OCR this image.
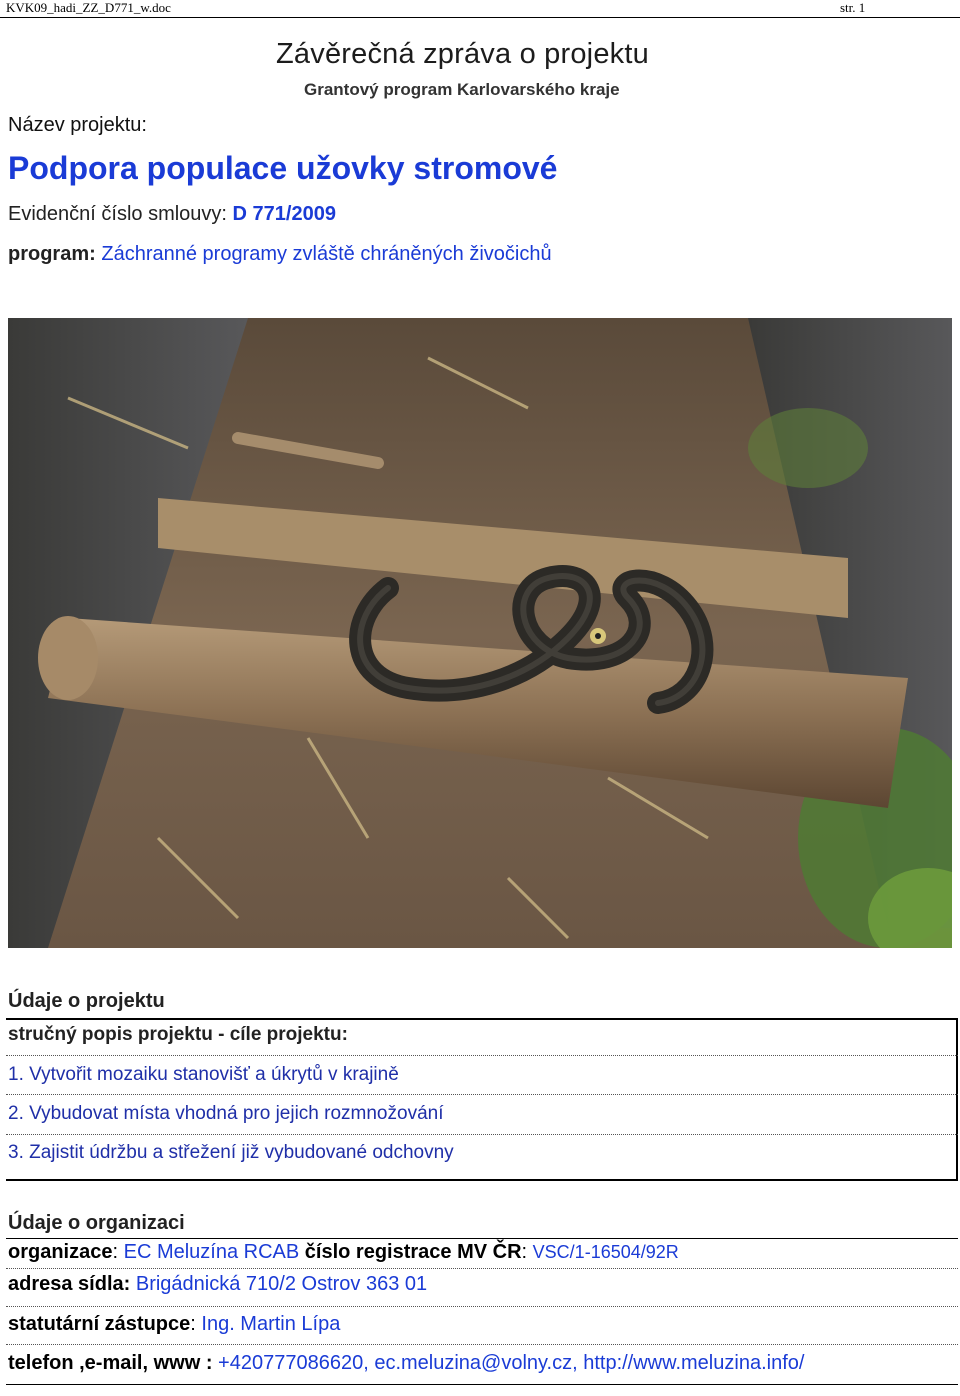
KVK09_hadi_ZZ_D771_w.doc	str. 1
Závěrečná zpráva o projektu
Grantový program Karlovarského kraje
Název projektu:
Podpora populace užovky stromové
Evidenční číslo smlouvy: D 771/2009
program: Záchranné programy zvláště chráněných živočichů
Údaje o projektu
stručný popis projektu - cíle projektu:
1. Vytvořit mozaiku stanovišť a úkrytů v krajině
2. Vybudovat místa vhodná pro jejich rozmnožování
3. Zajistit údržbu a střežení již vybudované odchovny
Údaje o organizaci
organizace: EC Meluzína RCAB číslo registrace MV ČR: VSC/1-16504/92R
adresa sídla: Brigádnická 710/2 Ostrov 363 01
statutární zástupce: Ing. Martin Lípa
telefon ,e-mail, www : +420777086620, ec.meluzina@volny.cz, http://www.meluzina.info/
